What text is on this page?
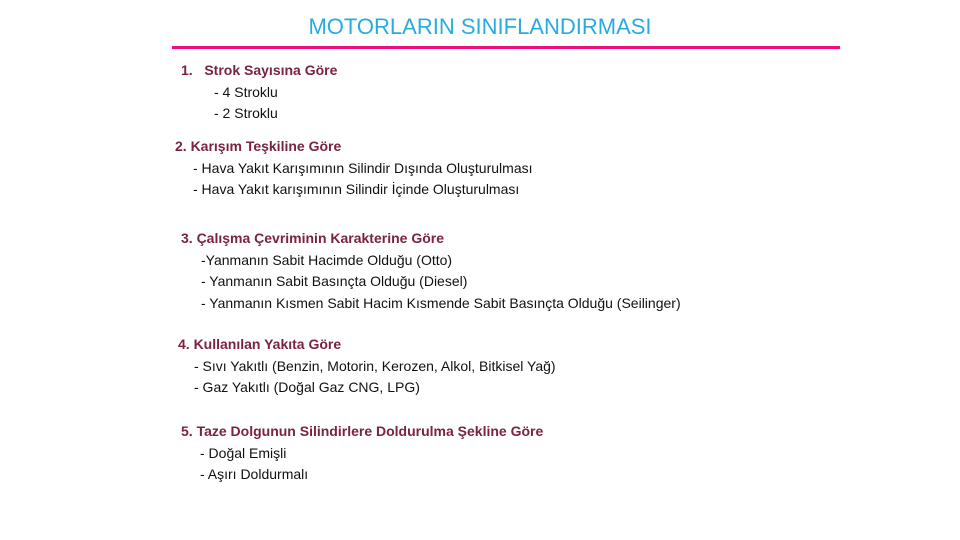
MOTORLARIN SINIFLANDIRMASI
1.   Strok Sayısına Göre
- 4 Stroklu
- 2 Stroklu
2. Karışım Teşkiline Göre
- Hava Yakıt Karışımının Silindir Dışında Oluşturulması
- Hava Yakıt karışımının Silindir İçinde Oluşturulması
3. Çalışma Çevriminin Karakterine Göre
-Yanmanın Sabit Hacimde Olduğu (Otto)
- Yanmanın Sabit Basınçta Olduğu (Diesel)
- Yanmanın Kısmen Sabit Hacim Kısmende Sabit Basınçta Olduğu (Seilinger)
4. Kullanılan Yakıta Göre
- Sıvı Yakıtlı (Benzin, Motorin, Kerozen, Alkol, Bitkisel Yağ)
- Gaz Yakıtlı (Doğal Gaz CNG, LPG)
5. Taze Dolgunun Silindirlere Doldurulma Şekline Göre
- Doğal Emişli
- Aşırı Doldurmalı
